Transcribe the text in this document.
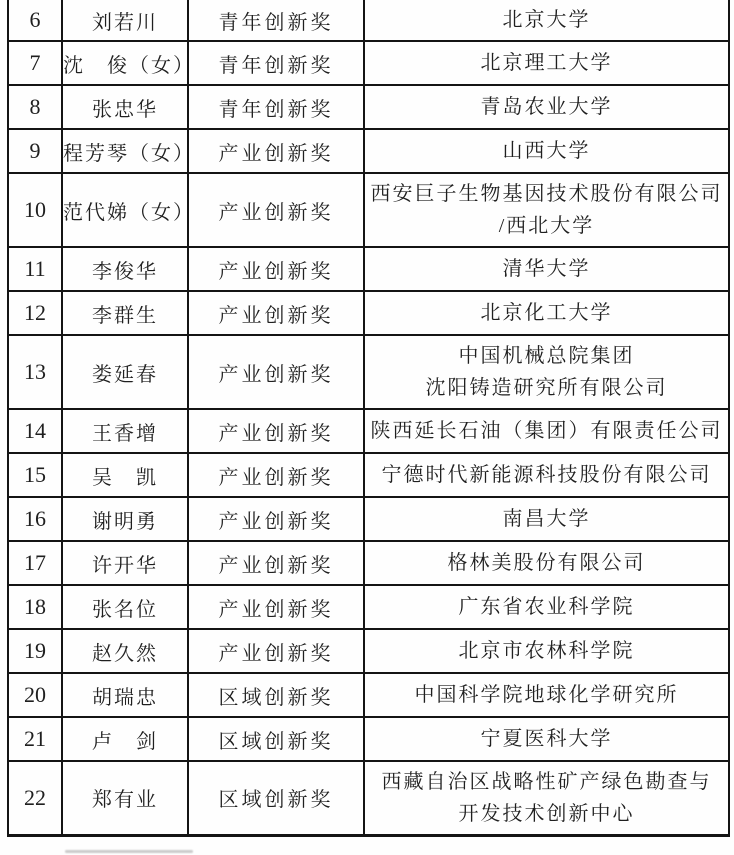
6	刘若川	青年创新奖	北京大学

7	沈　俊（女）	青年创新奖	北京理工大学

8	张忠华	青年创新奖	青岛农业大学

9	程芳琴（女）	产业创新奖	山西大学

10	范代娣（女）	产业创新奖	西安巨子生物基因技术股份有限公司
/西北大学

11	李俊华	产业创新奖	清华大学

12	李群生	产业创新奖	北京化工大学

13	娄延春	产业创新奖	中国机械总院集团
沈阳铸造研究所有限公司

14	王香增	产业创新奖	陕西延长石油（集团）有限责任公司

15	吴　凯	产业创新奖	宁德时代新能源科技股份有限公司

16	谢明勇	产业创新奖	南昌大学

17	许开华	产业创新奖	格林美股份有限公司

18	张名位	产业创新奖	广东省农业科学院

19	赵久然	产业创新奖	北京市农林科学院

20	胡瑞忠	区域创新奖	中国科学院地球化学研究所

21	卢　剑	区域创新奖	宁夏医科大学

22	郑有业	区域创新奖	西藏自治区战略性矿产绿色勘查与
开发技术创新中心
